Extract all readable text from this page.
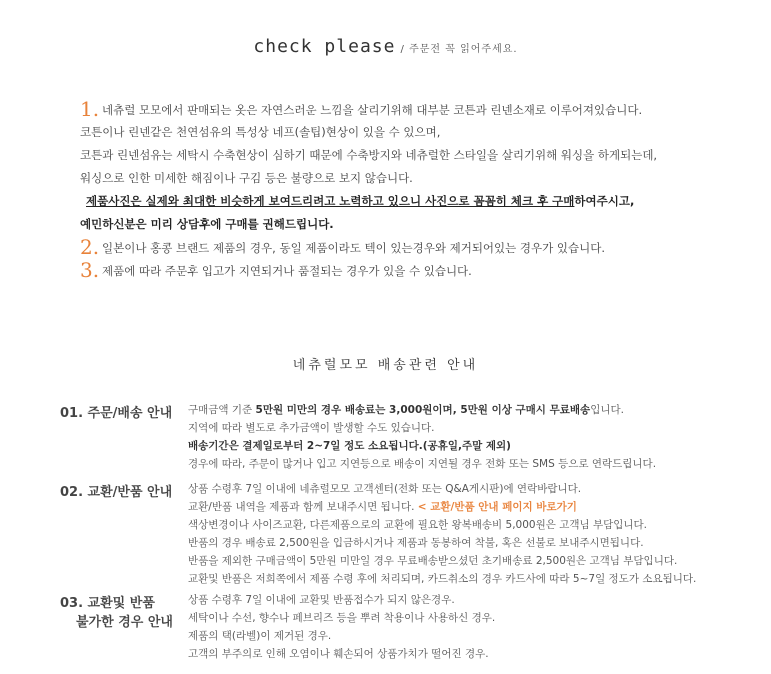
check please / 주문전 꼭 읽어주세요.
1. 네츄럴 모모에서 판매되는 옷은 자연스러운 느낌을 살리기위해 대부분 코튼과 린넨소재로 이루어져있습니다.
코튼이나 린넨같은 천연섬유의 특성상 네프(솔팁)현상이 있을 수 있으며,
코튼과 린넨섬유는 세탁시 수축현상이 심하기 때문에 수축방지와 네츄럴한 스타일을 살리기위해 워싱을 하게되는데,
워싱으로 인한 미세한 해짐이나 구김 등은 불량으로 보지 않습니다.
제품사진은 실제와 최대한 비슷하게 보여드리려고 노력하고 있으니 사진으로 꼼꼼히 체크 후 구매하여주시고,
예민하신분은 미리 상담후에 구매를 권해드립니다.
2. 일본이나 홍콩 브랜드 제품의 경우, 동일 제품이라도 텍이 있는경우와 제거되어있는 경우가 있습니다.
3. 제품에 따라 주문후 입고가 지연되거나 품절되는 경우가 있을 수 있습니다.
네츄럴모모 배송관련 안내
01. 주문/배송 안내 구매금액 기준 5만원 미만의 경우 배송료는 3,000원이며, 5만원 이상 구매시 무료배송입니다.
지역에 따라 별도로 추가금액이 발생할 수도 있습니다.
배송기간은 결제일로부터 2~7일 정도 소요됩니다.(공휴일,주말 제외)
경우에 따라, 주문이 많거나 입고 지연등으로 배송이 지연될 경우 전화 또는 SMS 등으로 연락드립니다.
02. 교환/반품 안내 상품 수령후 7일 이내에 네츄럴모모 고객센터(전화 또는 Q&A게시판)에 연락바랍니다.
교환/반품 내역을 제품과 함께 보내주시면 됩니다. < 교환/반품 안내 페이지 바로가기
색상변경이나 사이즈교환, 다른제품으로의 교환에 필요한 왕복배송비 5,000원은 고객님 부담입니다.
반품의 경우 배송료 2,500원을 입금하시거나 제품과 동봉하여 착불, 혹은 선불로 보내주시면됩니다.
반품을 제외한 구매금액이 5만원 미만일 경우 무료배송받으셨던 초기배송료 2,500원은 고객님 부담입니다.
교환및 반품은 저희쪽에서 제품 수령 후에 처리되며, 카드취소의 경우 카드사에 따라 5~7일 정도가 소요됩니다.
03. 교환및 반품
불가한 경우 안내
상품 수령후 7일 이내에 교환및 반품접수가 되지 않은경우.
세탁이나 수선, 향수나 페브리즈 등을 뿌려 착용이나 사용하신 경우.
제품의 택(라벨)이 제거된 경우.
고객의 부주의로 인해 오염이나 훼손되어 상품가치가 떨어진 경우.
